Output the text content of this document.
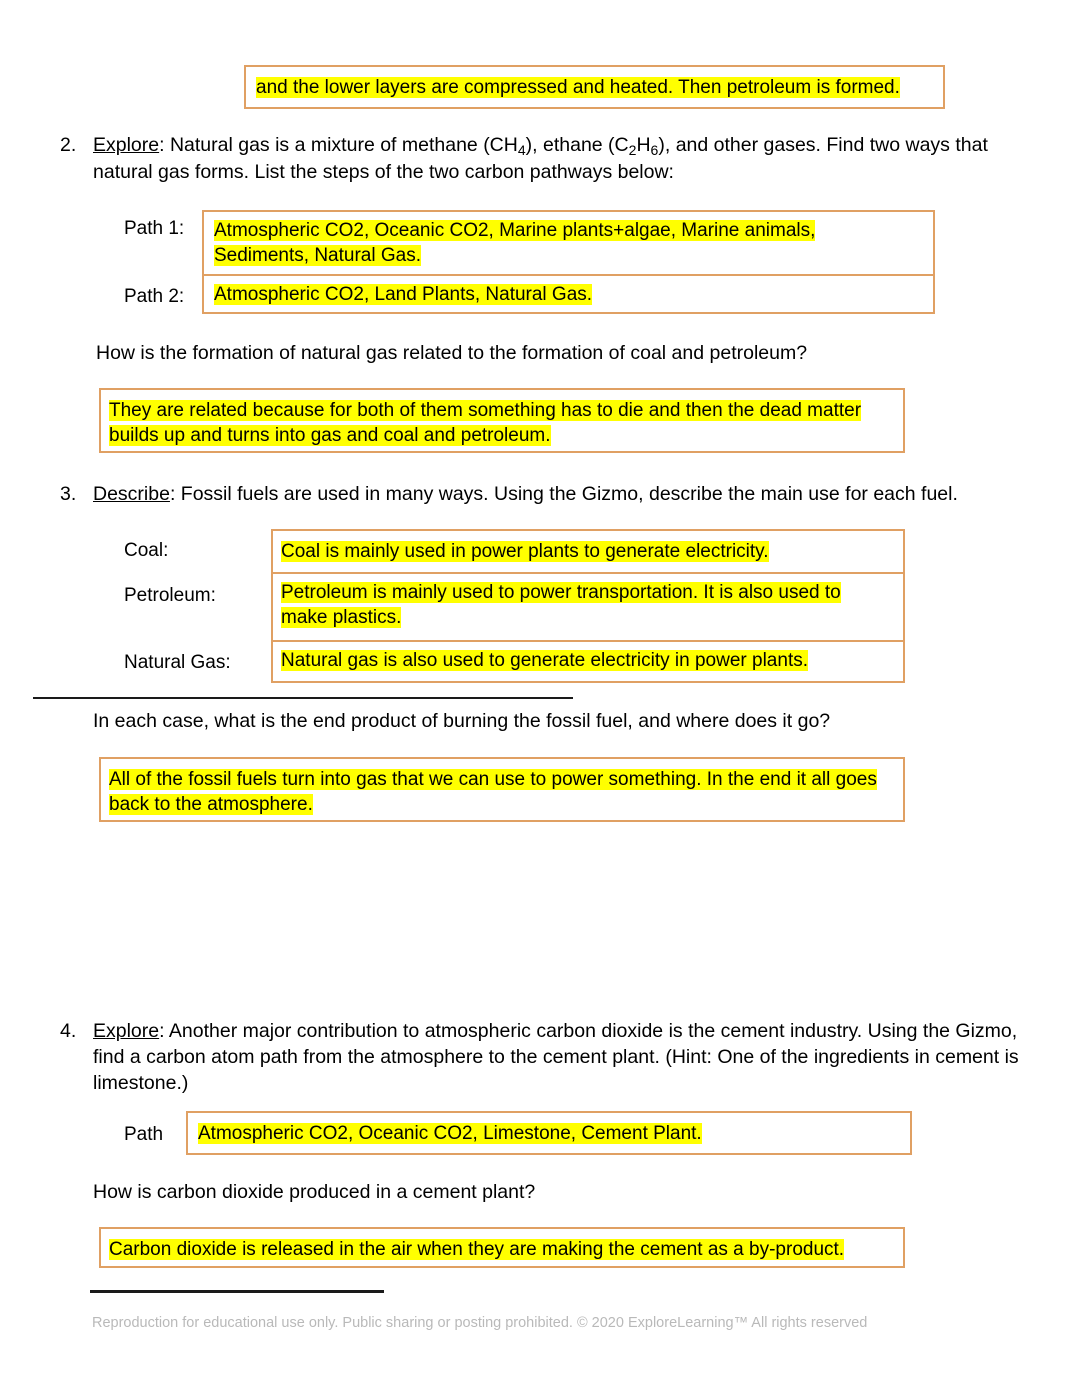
and the lower layers are compressed and heated. Then petroleum is formed.
2. Explore: Natural gas is a mixture of methane $(CH_4)$, ethane $(C_2H_6)$, and other gases. Find two ways that natural gas forms. List the steps of the two carbon pathways below:
Path 1:
Path 2:
Atmospheric CO2, Oceanic CO2, Marine plants+algae, Marine animals, Sediments, Natural Gas.
Atmospheric CO2, Land Plants, Natural Gas.
How is the formation of natural gas related to the formation of coal and petroleum?
They are related because for both of them something has to die and then the dead matter builds up and turns into gas and coal and petroleum.
3. Describe: Fossil fuels are used in many ways. Using the Gizmo, describe the main use for each fuel.
Coal:
Petroleum:
Natural Gas:
Coal is mainly used in power plants to generate electricity.
Petroleum is mainly used to power transportation. It is also used to make plastics.
Natural gas is also used to generate electricity in power plants.
In each case, what is the end product of burning the fossil fuel, and where does it go?
All of the fossil fuels turn into gas that we can use to power something. In the end it all goes back to the atmosphere.
4. Explore: Another major contribution to atmospheric carbon dioxide is the cement industry. Using the Gizmo, find a carbon atom path from the atmosphere to the cement plant. (Hint: One of the ingredients in cement is limestone.)
Path Atmospheric CO2, Oceanic CO2, Limestone, Cement Plant.
How is carbon dioxide produced in a cement plant?
Carbon dioxide is released in the air when they are making the cement as a by-product.
Reproduction for educational use only. Public sharing or posting prohibited. © 2020 ExploreLearning™ All rights reserved
